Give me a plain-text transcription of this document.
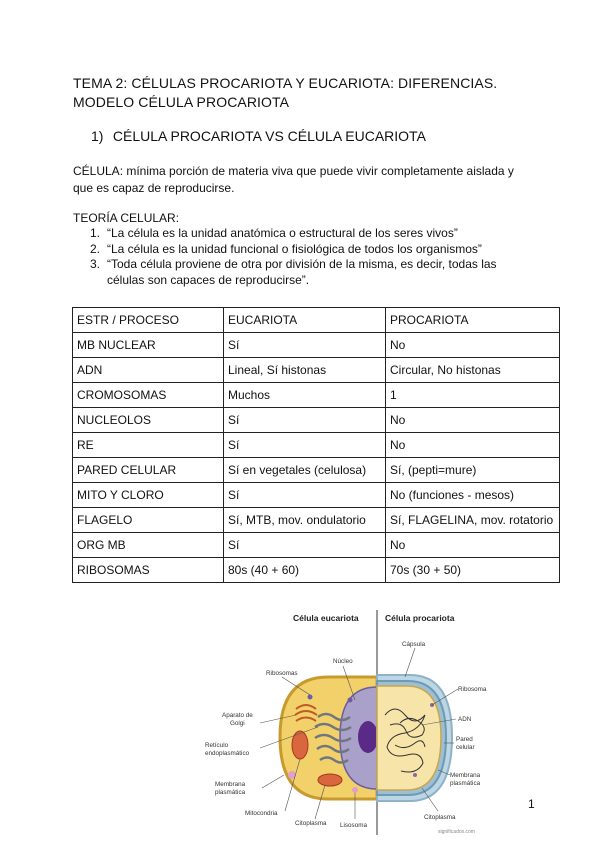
TEMA 2: CÉLULAS PROCARIOTA Y EUCARIOTA: DIFERENCIAS.
MODELO CÉLULA PROCARIOTA
1) CÉLULA PROCARIOTA VS CÉLULA EUCARIOTA
CÉLULA: mínima porción de materia viva que puede vivir completamente aislada y que es capaz de reproducirse.
TEORÍA CELULAR:
1. “La célula es la unidad anatómica o estructural de los seres vivos”
2. “La célula es la unidad funcional o fisiológica de todos los organismos”
3. “Toda célula proviene de otra por división de la misma, es decir, todas las células son capaces de reproducirse”.
ESTR / PROCESO	EUCARIOTA	PROCARIOTA
MB NUCLEAR	Sí	No
ADN	Lineal, Sí histonas	Circular, No histonas
CROMOSOMAS	Muchos	1
NUCLEOLOS	Sí	No
RE	Sí	No
PARED CELULAR	Sí en vegetales (celulosa)	Sí, (pepti=mure)
MITO Y CLORO	Sí	No (funciones - mesos)
FLAGELO	Sí, MTB, mov. ondulatorio	Sí, FLAGELINA, mov. rotatorio
ORG MB	Sí	No
RIBOSOMAS	80s (40 + 60)	70s (30 + 50)
Célula eucariota	Célula procariota
Núcleo
Ribosomas
Aparato de
Golgi
Retículo
endoplasmático
Membrana
plasmática
Mitocondria
Citoplasma Lisosoma
Cápsula
Ribosoma
ADN
Pared
celular
Membrana
plasmática
Citoplasma
significados.com
1
